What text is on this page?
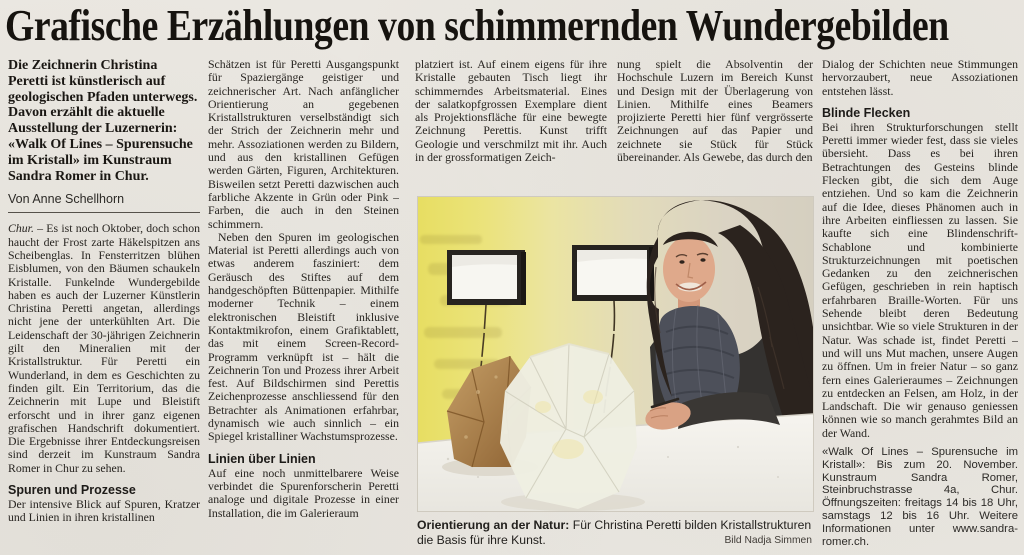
Grafische Erzählungen von schimmernden Wundergebilden

Die Zeichnerin Christina Peretti ist künstlerisch auf geologischen Pfaden unterwegs. Davon erzählt die aktuelle Ausstellung der Luzernerin: «Walk Of Lines – Spurensuche im Kristall» im Kunstraum Sandra Romer in Chur.

Von Anne Schellhorn

Chur. – Es ist noch Oktober, doch schon haucht der Frost zarte Häkelspitzen ans Scheibenglas. In Fensterritzen blühen Eisblumen, von den Bäumen schaukeln Kristalle. Funkelnde Wundergebilde haben es auch der Luzerner Künstlerin Christina Peretti angetan, allerdings nicht jene der unterkühlten Art. Die Leidenschaft der 30-jährigen Zeichnerin gilt den Mineralien mit der Kristallstruktur. Für Peretti ein Wunderland, in dem es Geschichten zu finden gilt. Ein Territorium, das die Zeichnerin mit Lupe und Bleistift erforscht und in ihrer ganz eigenen grafischen Handschrift dokumentiert. Die Ergebnisse ihrer Entdeckungsreisen sind derzeit im Kunstraum Sandra Romer in Chur zu sehen.

Spuren und Prozesse

Der intensive Blick auf Spuren, Kratzer und Linien in ihren kristallinen

Schätzen ist für Peretti Ausgangspunkt für Spaziergänge geistiger und zeichnerischer Art. Nach anfänglicher Orientierung an gegebenen Kristallstrukturen verselbständigt sich der Strich der Zeichnerin mehr und mehr. Assoziationen werden zu Bildern, und aus den kristallinen Gefügen werden Gärten, Figuren, Architekturen. Bisweilen setzt Peretti dazwischen auch farbliche Akzente in Grün oder Pink – Farben, die auch in den Steinen schimmern.

Neben den Spuren im geologischen Material ist Peretti allerdings auch von etwas anderem fasziniert: dem Geräusch des Stiftes auf dem handgeschöpften Büttenpapier. Mithilfe moderner Technik – einem elektronischen Bleistift inklusive Kontaktmikrofon, einem Grafiktablett, das mit einem Screen-Record-Programm verknüpft ist – hält die Zeichnerin Ton und Prozess ihrer Arbeit fest. Auf Bildschirmen sind Perettis Zeichenprozesse anschliessend für den Betrachter als Animationen erfahrbar, dynamisch wie auch sinnlich – ein Spiegel kristalliner Wachstumsprozesse.

Linien über Linien

Auf eine noch unmittelbarere Weise verbindet die Spurenforscherin Peretti analoge und digitale Prozesse in einer Installation, die im Galerieraum

platziert ist. Auf einem eigens für ihre Kristalle gebauten Tisch liegt ihr schimmerndes Arbeitsmaterial. Eines der salatkopfgrossen Exemplare dient als Projektionsfläche für eine bewegte Zeichnung Perettis. Kunst trifft Geologie und verschmilzt mit ihr. Auch in der grossformatigen Zeich-

nung spielt die Absolventin der Hochschule Luzern im Bereich Kunst und Design mit der Überlagerung von Linien. Mithilfe eines Beamers projizierte Peretti hier fünf vergrösserte Zeichnungen auf das Papier und zeichnete sie Stück für Stück übereinander. Als Gewebe, das durch den

Dialog der Schichten neue Stimmungen hervorzaubert, neue Assoziationen entstehen lässt.

Blinde Flecken

Bei ihren Strukturforschungen stellt Peretti immer wieder fest, dass sie vieles übersieht. Dass es bei ihren Betrachtungen des Gesteins blinde Flecken gibt, die sich dem Auge entziehen. Und so kam die Zeichnerin auf die Idee, dieses Phänomen auch in ihre Arbeiten einfliessen zu lassen. Sie kaufte sich eine Blindenschrift-Schablone und kombinierte Strukturzeichnungen mit poetischen Gedanken zu den zeichnerischen Gefügen, geschrieben in rein haptisch erfahrbaren Braille-Worten. Für uns Sehende bleibt deren Bedeutung unsichtbar. Wie so viele Strukturen in der Natur. Was schade ist, findet Peretti – und will uns Mut machen, unsere Augen zu öffnen. Um in freier Natur – so ganz fern eines Galerieraumes – Zeichnungen zu entdecken an Felsen, am Holz, in der Landschaft. Die wir genauso geniessen können wie so manch gerahmtes Bild an der Wand.

«Walk Of Lines – Spurensuche im Kristall»: Bis zum 20. November. Kunstraum Sandra Romer, Steinbruchstrasse 4a, Chur. Öffnungszeiten: freitags 14 bis 18 Uhr, samstags 12 bis 16 Uhr. Weitere Informationen unter www.sandra-romer.ch.
Orientierung an der Natur: Für Christina Peretti bilden Kristallstrukturen die Basis für ihre Kunst.	Bild Nadja Simmen
